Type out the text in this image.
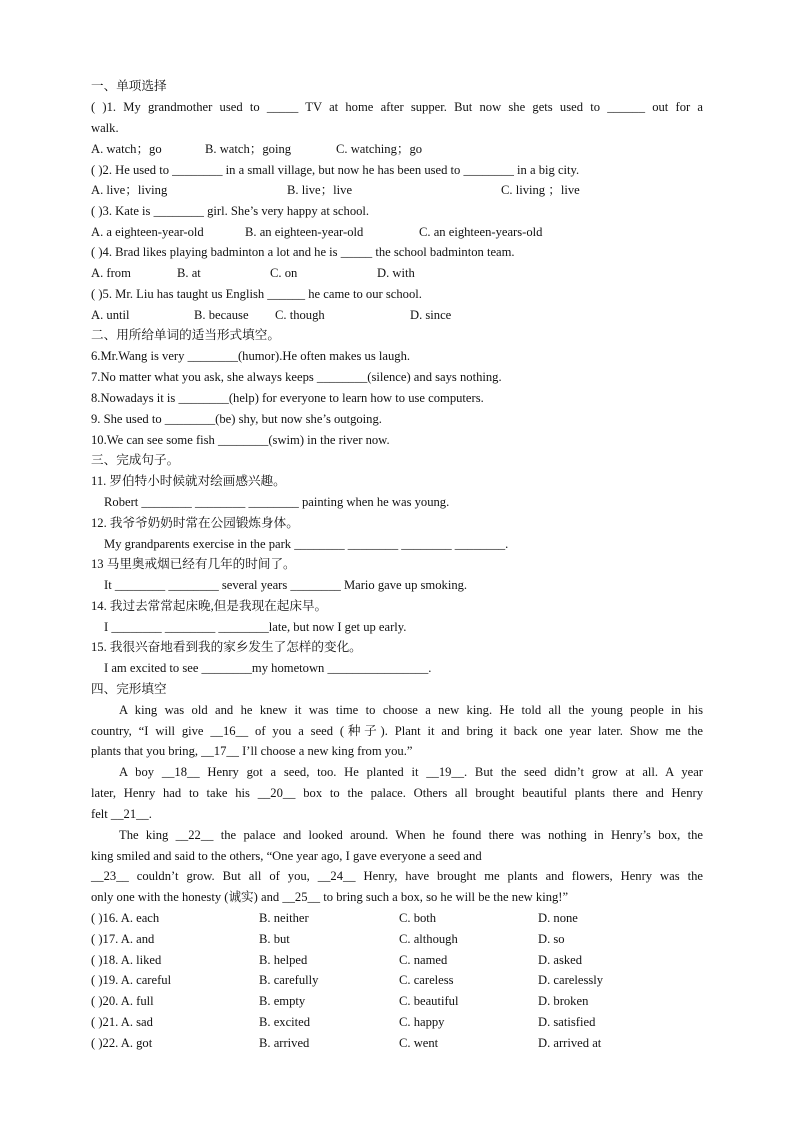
一、单项选择
( )1. My grandmother used to _____ TV at home after supper. But now she gets used to ______ out for a
walk.
A. watch；go	B. watch；going	C. watching；go
( )2. He used to ________ in a small village, but now he has been used to ________ in a big city.
A. live；living	B. live；live	C. living ；live
( )3. Kate is ________ girl. She’s very happy at school.
A. a eighteen-year-old	B. an eighteen-year-old	C. an eighteen-years-old
( )4. Brad likes playing badminton a lot and he is _____ the school badminton team.
A. from	B. at	C. on	D. with
( )5. Mr. Liu has taught us English ______ he came to our school.
A. until	B. because C. though	D. since
二、用所给单词的适当形式填空。
6.Mr.Wang is very ________(humor).He often makes us laugh.
7.No matter what you ask, she always keeps ________(silence) and says nothing.
8.Nowadays it is ________(help) for everyone to learn how to use computers.
9. She used to ________(be) shy, but now she’s outgoing.
10.We can see some fish ________(swim) in the river now.
三、完成句子。
11. 罗伯特小时候就对绘画感兴趣。
Robert ________ ________ ________ painting when he was young.
12. 我爷爷奶奶时常在公园锻炼身体。
My grandparents exercise in the park ________ ________ ________ ________.
13 马里奥戒烟已经有几年的时间了。
It ________ ________ several years ________ Mario gave up smoking.
14. 我过去常常起床晚,但是我现在起床早。
I ________ ________ ________late, but now I get up early.
15. 我很兴奋地看到我的家乡发生了怎样的变化。
I am excited to see ________my hometown ________________.
四、完形填空
A king was old and he knew it was time to choose a new king. He told all the young people in his
country, “I will give __16__ of you a seed (种子). Plant it and bring it back one year later. Show me the
plants that you bring, __17__ I’ll choose a new king from you.”
A boy __18__ Henry got a seed, too. He planted it __19__. But the seed didn’t grow at all. A year
later, Henry had to take his __20__ box to the palace. Others all brought beautiful plants there and Henry
felt __21__.
The king __22__ the palace and looked around. When he found there was nothing in Henry’s box, the
king smiled and said to the others, “One year ago, I gave everyone a seed and
__23__ couldn’t grow. But all of you, __24__ Henry, have brought me plants and flowers, Henry was the
only one with the honesty (诚实) and __25__ to bring such a box, so he will be the new king!”
( )16. A. each	B. neither	C. both	D. none
( )17. A. and	B. but	C. although	D. so
( )18. A. liked	B. helped	C. named	D. asked
( )19. A. careful	B. carefully	C. careless	D. carelessly
( )20. A. full	B. empty	C. beautiful	D. broken
( )21. A. sad	B. excited	C. happy	D. satisfied
( )22. A. got	B. arrived	C. went	D. arrived at
